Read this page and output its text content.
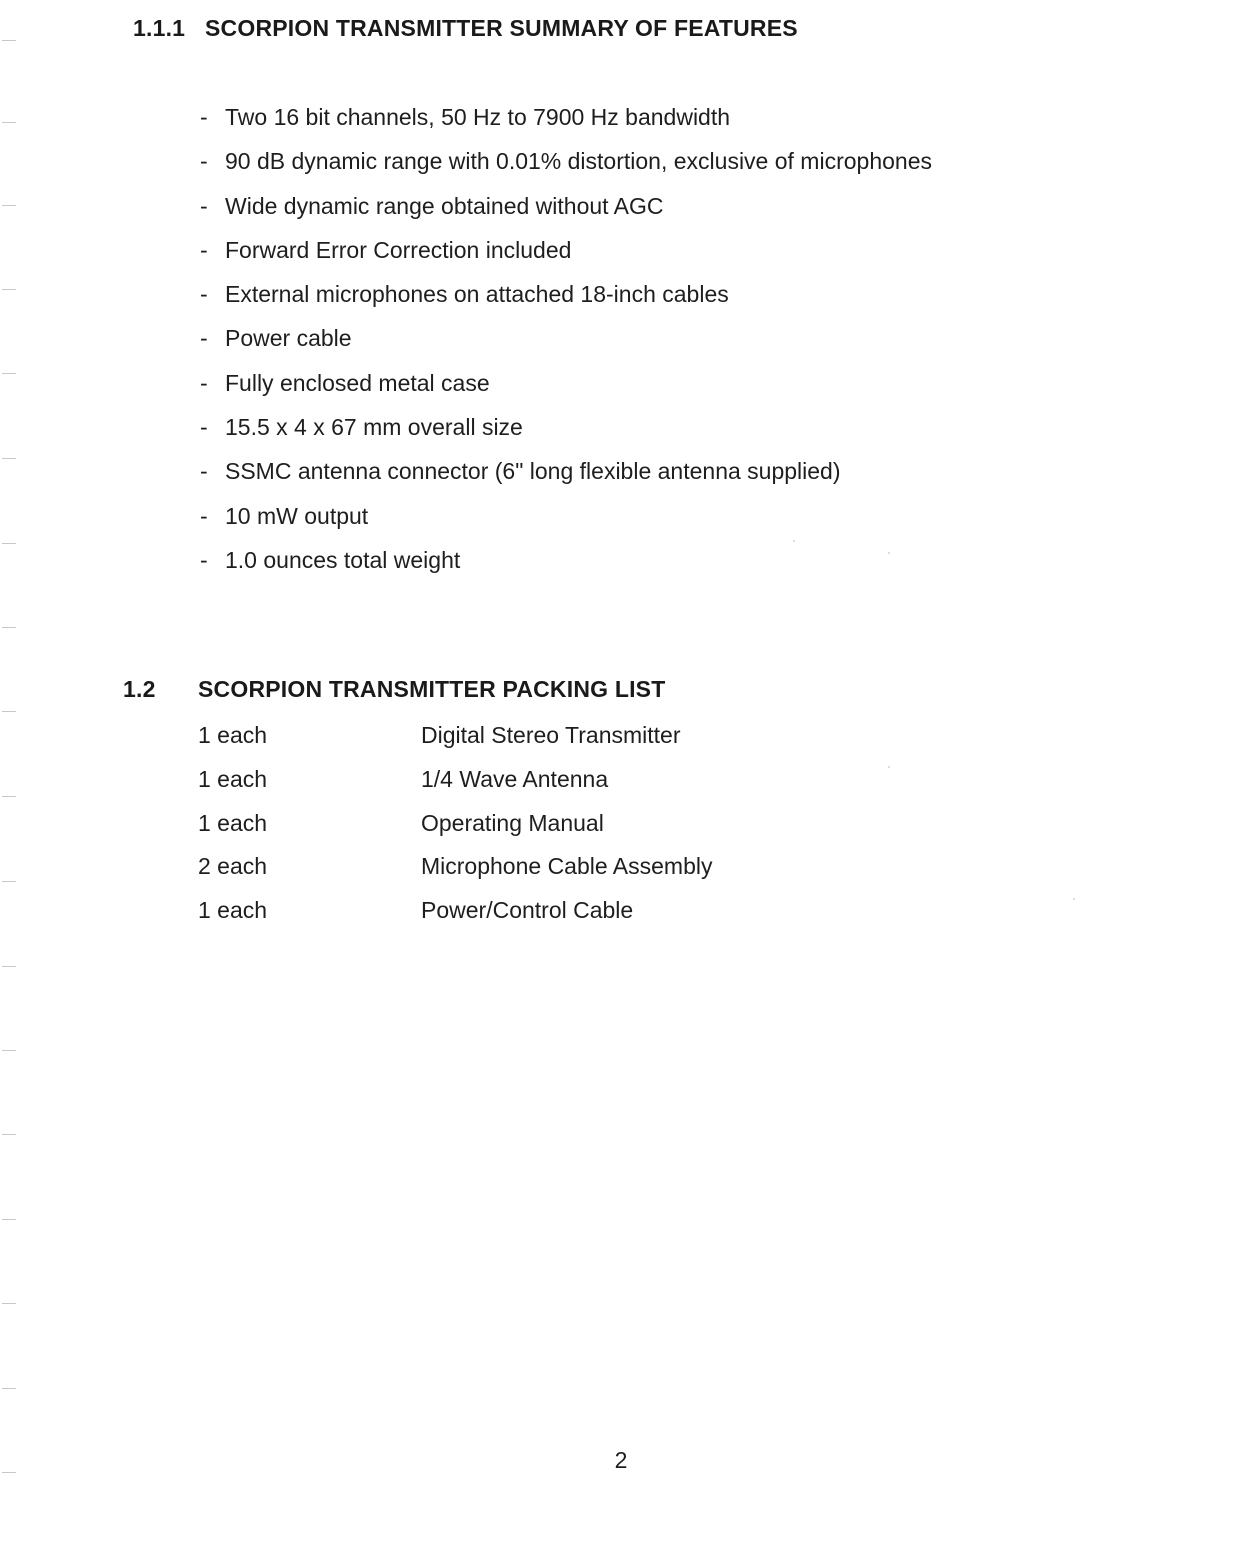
1.1.1 SCORPION TRANSMITTER SUMMARY OF FEATURES
- Two 16 bit channels, 50 Hz to 7900 Hz bandwidth
- 90 dB dynamic range with 0.01% distortion, exclusive of microphones
- Wide dynamic range obtained without AGC
- Forward Error Correction included
- External microphones on attached 18-inch cables
- Power cable
- Fully enclosed metal case
- 15.5 x 4 x 67 mm overall size
- SSMC antenna connector (6" long flexible antenna supplied)
- 10 mW output
- 1.0 ounces total weight
1.2 SCORPION TRANSMITTER PACKING LIST
1 each	Digital Stereo Transmitter
1 each	1/4 Wave Antenna
1 each	Operating Manual
2 each	Microphone Cable Assembly
1 each	Power/Control Cable
2
